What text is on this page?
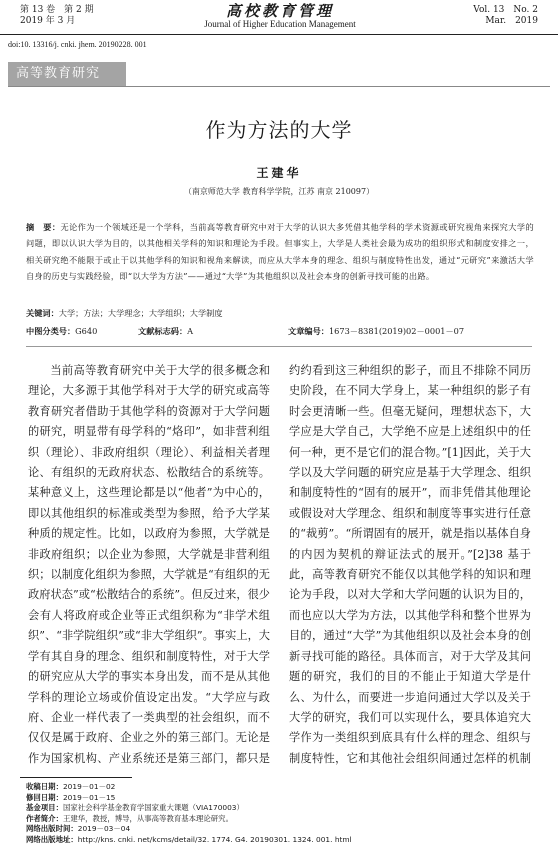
第 13 卷　第 2 期
2019 年 3 月
高校教育管理
Journal of Higher Education Management
Vol. 13　No. 2
Mar.　2019
doi:10. 13316/j. cnki. jhem. 20190228. 001
高等教育研究
作为方法的大学
王建华
（南京师范大学 教育科学学院，江苏 南京 210097）
摘　要：无论作为一个领域还是一个学科，当前高等教育研究中对于大学的认识大多凭借其他学科的学术资源或研究视角来探究大学的问题，即以认识大学为目的，以其他相关学科的知识和理论为手段。但事实上，大学是人类社会最为成功的组织形式和制度安排之一，相关研究绝不能限于或止于以其他学科的知识和视角来解读，而应从大学本身的理念、组织与制度特性出发，通过“元研究”来激活大学自身的历史与实践经验，即“以大学为方法”——通过“大学”为其他组织以及社会本身的创新寻找可能的出路。
关键词：大学；方法；大学理念；大学组织；大学制度
中图分类号：G640	文献标志码：A	文章编号：1673－8381(2019)02－0001－07

当前高等教育研究中关于大学的很多概念和理论，大多源于其他学科对于大学的研究或高等教育研究者借助于其他学科的资源对于大学问题的研究，明显带有母学科的“烙印”，如非营利组织（理论）、非政府组织（理论）、利益相关者理论、有组织的无政府状态、松散结合的系统等。某种意义上，这些理论都是以“他者”为中心的，即以其他组织的标准或类型为参照，给予大学某种质的规定性。比如，以政府为参照，大学就是非政府组织；以企业为参照，大学就是非营利组织；以制度化组织为参照，大学就是“有组织的无政府状态”或“松散结合的系统”。但反过来，很少会有人将政府或企业等正式组织称为“非学术组织”、“非学院组织”或“非大学组织”。事实上，大学有其自身的理念、组织和制度特性，对于大学的研究应从大学的事实本身出发，而不是从其他学科的理论立场或价值设定出发。“大学应与政府、企业一样代表了一类典型的社会组织，而不仅仅是属于政府、企业之外的第三部门。无论是作为国家机构、产业系统还是第三部门，都只是

约约看到这三种组织的影子，而且不排除不同历史阶段，在不同大学身上，某一种组织的影子有时会更清晰一些。但毫无疑问，理想状态下，大学应是大学自己，大学绝不应是上述组织中的任何一种，更不是它们的混合物。”[1]因此，关于大学以及大学问题的研究应是基于大学理念、组织和制度特性的“固有的展开”，而非凭借其他理论或假设对大学理念、组织和制度等事实进行任意的“裁剪”。“所谓固有的展开，就是指以基体自身的内因为契机的辩证法式的展开。”[2]38 基于此，高等教育研究不能仅以其他学科的知识和理论为手段，以对大学和大学问题的认识为目的，而也应以大学为方法，以其他学科和整个世界为目的，通过“大学”为其他组织以及社会本身的创新寻找可能的路径。具体而言，对于大学及其问题的研究，我们的目的不能止于知道大学是什么、为什么，而要进一步追问通过大学以及关于大学的研究，我们可以实现什么，要具体追究大学作为一类组织到底具有什么样的理念、组织与制度特性，它和其他社会组织间通过怎样的机制

收稿日期：2019－01－02
修回日期：2019－01－15
基金项目：国家社会科学基金教育学国家重大课题（VIA170003）
作者简介：王建华，教授，博导，从事高等教育基本理论研究。
网络出版时间：2019－03－04
网络出版地址：http://kns. cnki. net/kcms/detail/32. 1774. G4. 20190301. 1324. 001. html
